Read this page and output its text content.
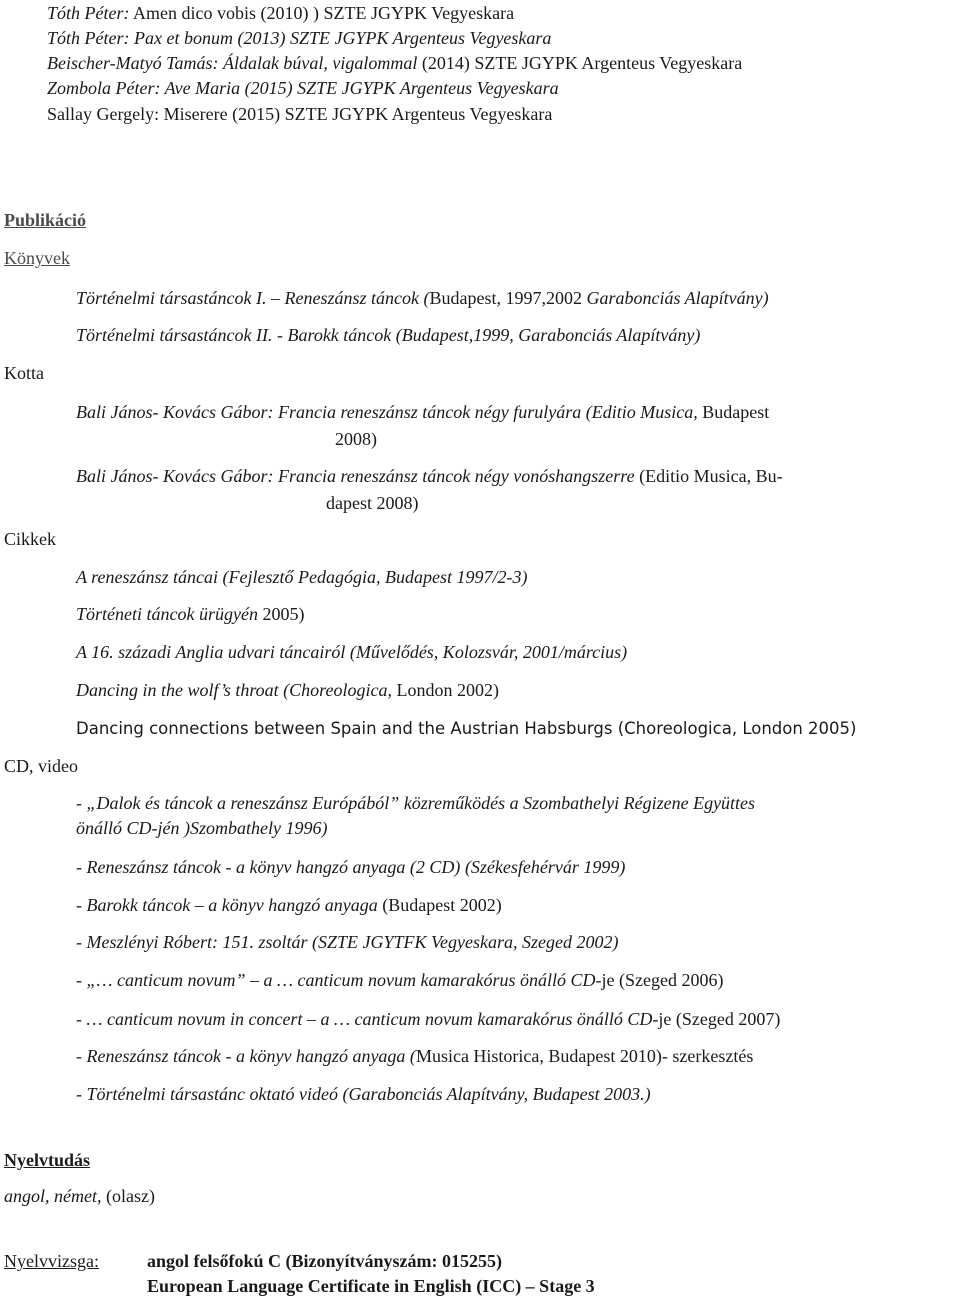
Tóth Péter: Amen dico vobis (2010) ) SZTE JGYPK Vegyeskara
Tóth Péter: Pax et bonum (2013) SZTE JGYPK Argenteus Vegyeskara
Beischer-Matyó Tamás: Áldalak búval, vigalommal (2014) SZTE JGYPK Argenteus Vegyeskara
Zombola Péter: Ave Maria (2015) SZTE JGYPK Argenteus Vegyeskara
Sallay Gergely: Miserere (2015) SZTE JGYPK Argenteus Vegyeskara
Publikáció
Könyvek
Történelmi társastáncok I. – Reneszánsz táncok (Budapest, 1997,2002 Garabonciás Alapítvány)
Történelmi társastáncok II. - Barokk táncok (Budapest,1999, Garabonciás Alapítvány)
Kotta
Bali János- Kovács Gábor: Francia reneszánsz táncok négy furulyára (Editio Musica, Budapest
2008)
Bali János- Kovács Gábor: Francia reneszánsz táncok négy vonóshangszerre (Editio Musica, Bu-
dapest 2008)
Cikkek
A reneszánsz táncai (Fejlesztő Pedagógia, Budapest 1997/2-3)
Történeti táncok ürügyén 2005)
A 16. századi Anglia udvari táncairól (Művelődés, Kolozsvár, 2001/március)
Dancing in the wolf’s throat (Choreologica, London 2002)
Dancing connections between Spain and the Austrian Habsburgs (Choreologica, London 2005)
CD, video
- „Dalok és táncok a reneszánsz Európából” közreműködés a Szombathelyi Régizene Együttes
önálló CD-jén )Szombathely 1996)
- Reneszánsz táncok - a könyv hangzó anyaga (2 CD) (Székesfehérvár 1999)
- Barokk táncok – a könyv hangzó anyaga (Budapest 2002)
- Meszlényi Róbert: 151. zsoltár (SZTE JGYTFK Vegyeskara, Szeged 2002)
- „… canticum novum” – a … canticum novum kamarakórus önálló CD-je (Szeged 2006)
- … canticum novum in concert – a … canticum novum kamarakórus önálló CD-je (Szeged 2007)
- Reneszánsz táncok - a könyv hangzó anyaga (Musica Historica, Budapest 2010)- szerkesztés
- Történelmi társastánc oktató videó (Garabonciás Alapítvány, Budapest 2003.)
Nyelvtudás
angol, német, (olasz)
Nyelvvizsga:	angol felsőfokú C (Bizonyítványszám: 015255)
European Language Certificate in English (ICC) – Stage 3
